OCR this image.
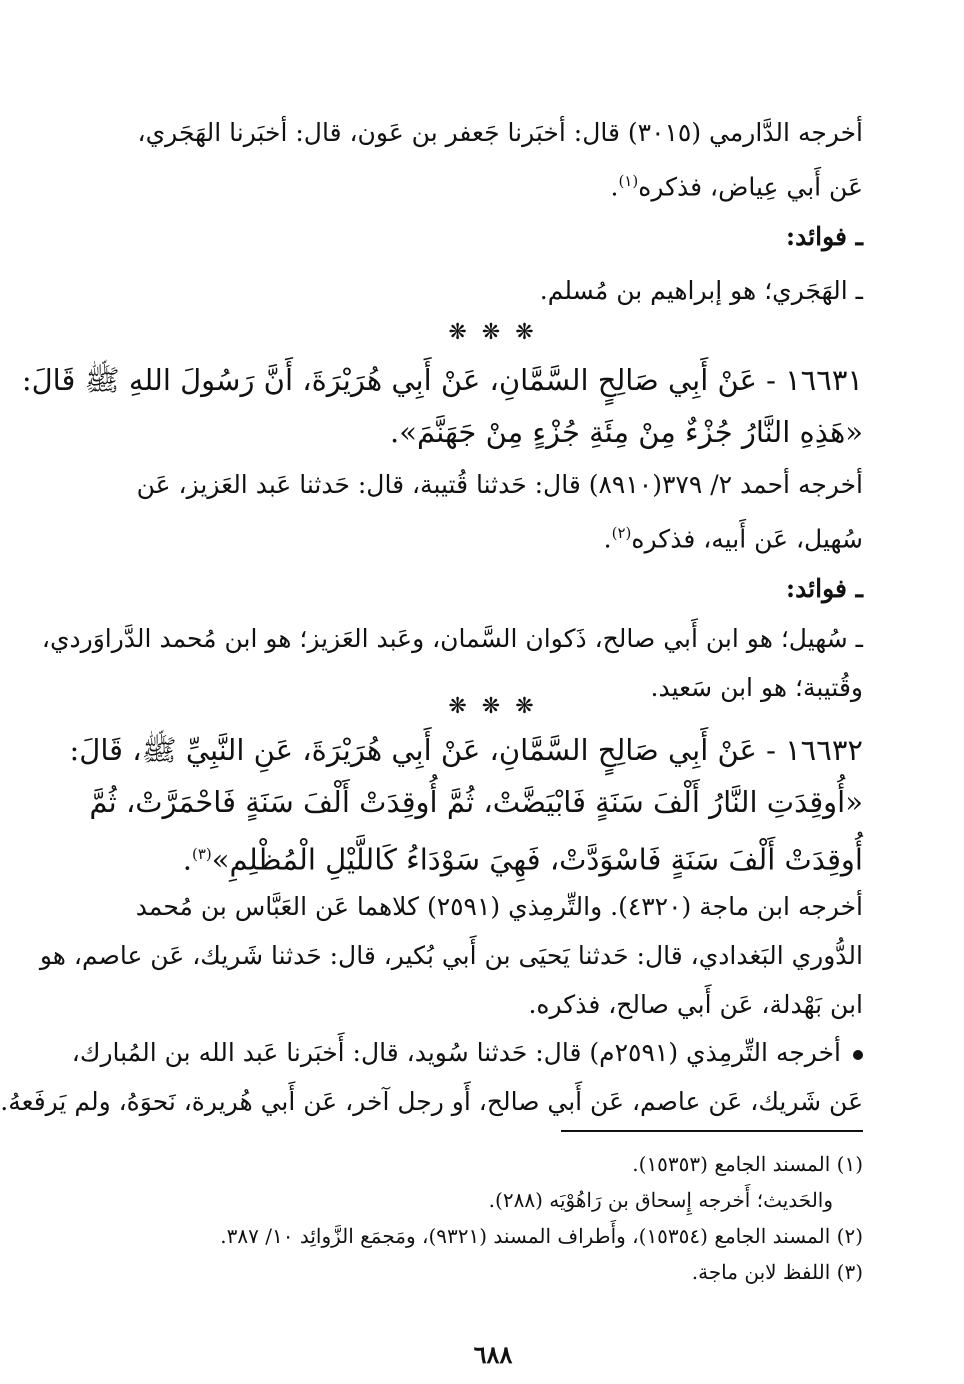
أخرجه الدَّارمي (٣٠١٥) قال: أخبَرنا جَعفر بن عَون، قال: أخبَرنا الهَجَري،
عَن أَبي عِياض، فذكره$^{(١)}$.
ـ فوائد:
ـ الهَجَري؛ هو إبراهيم بن مُسلم.
❋ ❋ ❋
١٦٦٣١ - عَنْ أَبِي صَالِحٍ السَّمَّانِ، عَنْ أَبِي هُرَيْرَةَ، أَنَّ رَسُولَ اللهِ ﷺ قَالَ:
«هَذِهِ النَّارُ جُزْءٌ مِنْ مِئَةِ جُزْءٍ مِنْ جَهَنَّمَ».
أخرجه أحمد ٢/ ٣٧٩(٨٩١٠) قال: حَدثنا قُتيبة، قال: حَدثنا عَبد العَزيز، عَن
سُهيل، عَن أَبيه، فذكره$^{(٢)}$.
ـ فوائد:
ـ سُهيل؛ هو ابن أَبي صالح، ذَكوان السَّمان، وعَبد العَزيز؛ هو ابن مُحمد الدَّراوَردي،
وقُتيبة؛ هو ابن سَعيد.
❋ ❋ ❋
١٦٦٣٢ - عَنْ أَبِي صَالِحٍ السَّمَّانِ، عَنْ أَبِي هُرَيْرَةَ، عَنِ النَّبِيِّ ﷺ، قَالَ:
«أُوقِدَتِ النَّارُ أَلْفَ سَنَةٍ فَابْيَضَّتْ، ثُمَّ أُوقِدَتْ أَلْفَ سَنَةٍ فَاحْمَرَّتْ، ثُمَّ
أُوقِدَتْ أَلْفَ سَنَةٍ فَاسْوَدَّتْ، فَهِيَ سَوْدَاءُ كَاللَّيْلِ الْمُظْلِمِ»$^{(٣)}$.
أخرجه ابن ماجة (٤٣٢٠). والتِّرمِذي (٢٥٩١) كلاهما عَن العَبَّاس بن مُحمد
الدُّوري البَغدادي، قال: حَدثنا يَحيَى بن أَبي بُكير، قال: حَدثنا شَريك، عَن عاصم، هو
ابن بَهْدلة، عَن أَبي صالح، فذكره.
أخرجه التِّرمِذي (٢٥٩١م) قال: حَدثنا سُويد، قال: أَخبَرنا عَبد الله بن المُبارك،
عَن شَريك، عَن عاصم، عَن أَبي صالح، أَو رجل آخر، عَن أَبي هُريرة، نَحوَهُ، ولم يَرفَعهُ.
(١) المسند الجامع (١٥٣٥٣).
والحَديث؛ أَخرجه إِسحاق بن رَاهُوْيَه (٢٨٨).
(٢) المسند الجامع (١٥٣٥٤)، وأَطراف المسند (٩٣٢١)، ومَجمَع الزَّوائِد ١٠/ ٣٨٧.
(٣) اللفظ لابن ماجة.
٦٨٨
